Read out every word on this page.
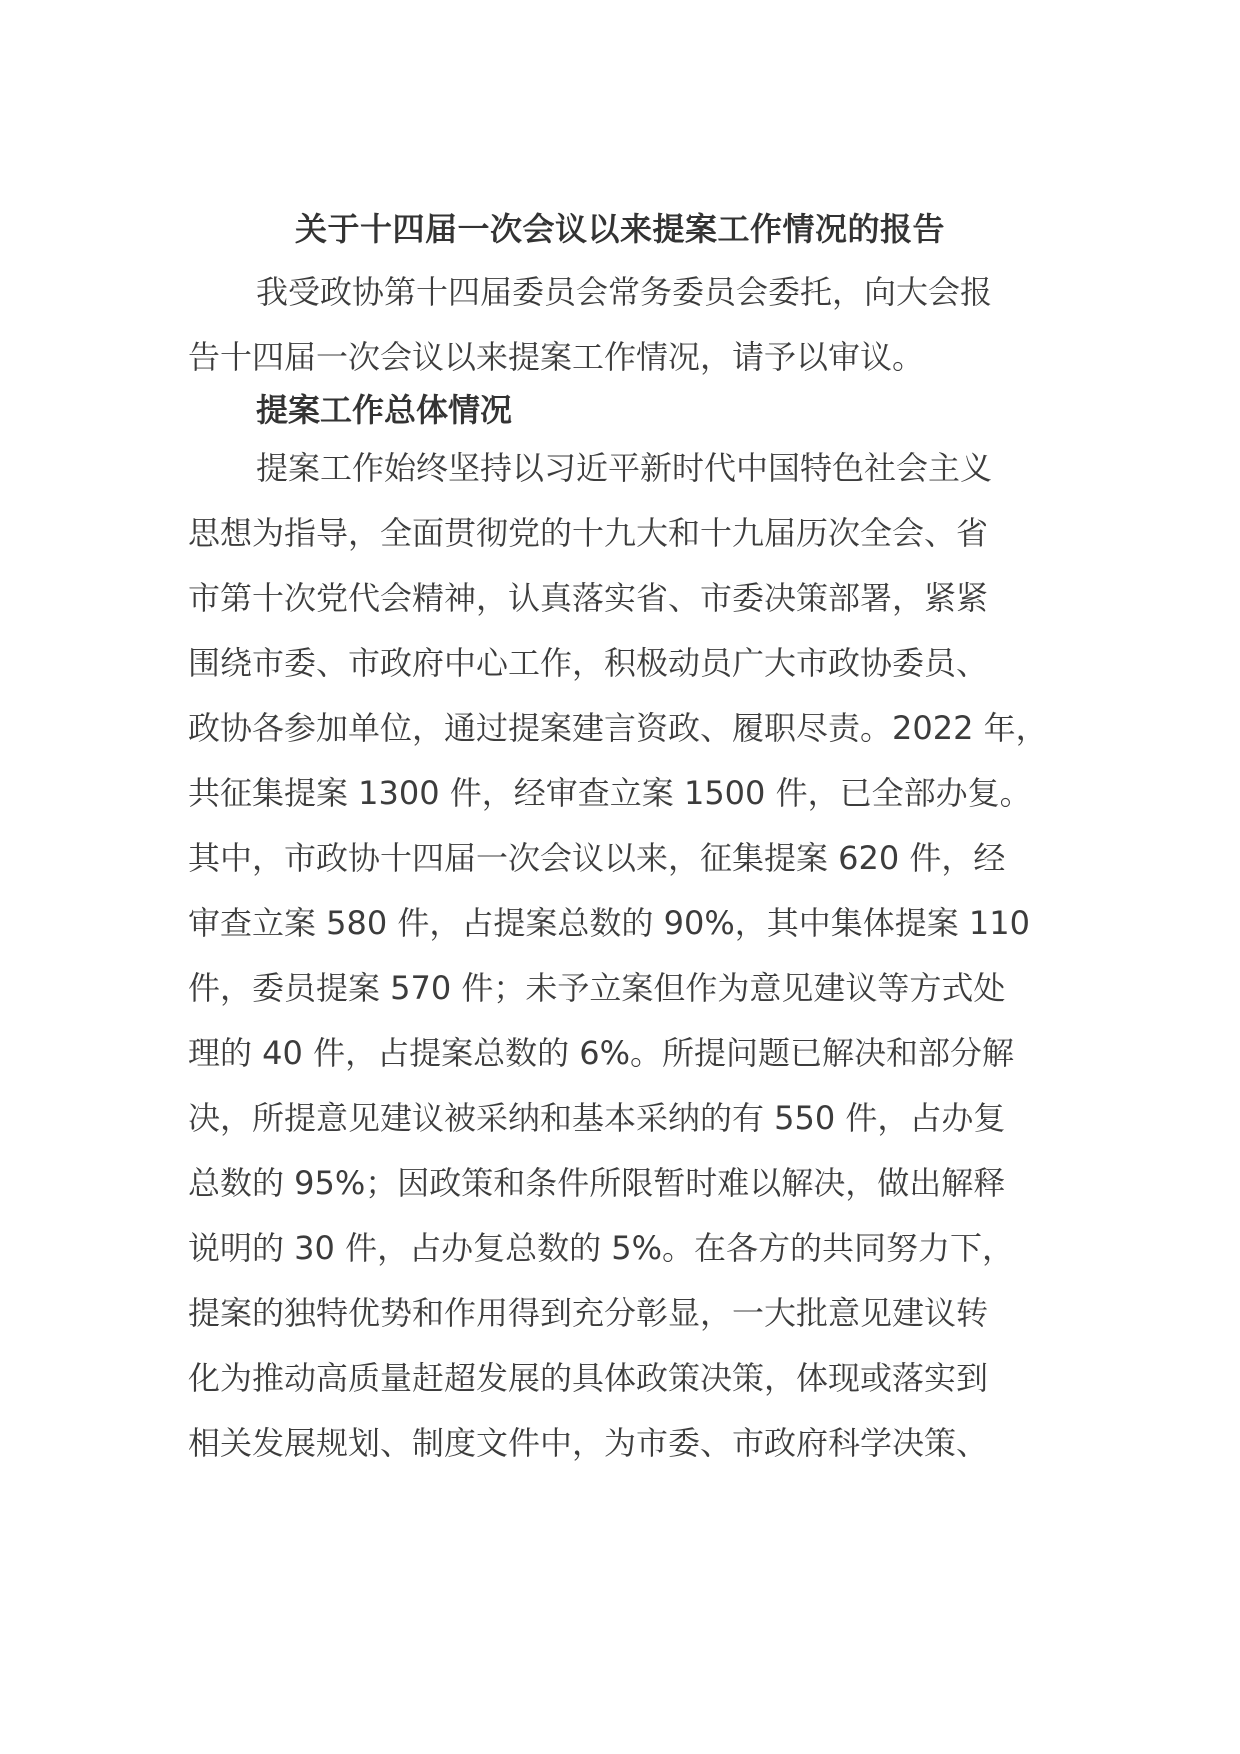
关于十四届一次会议以来提案工作情况的报告
我受政协第十四届委员会常务委员会委托，向大会报
告十四届一次会议以来提案工作情况，请予以审议。
提案工作总体情况
提案工作始终坚持以习近平新时代中国特色社会主义
思想为指导，全面贯彻党的十九大和十九届历次全会、省
市第十次党代会精神，认真落实省、市委决策部署，紧紧
围绕市委、市政府中心工作，积极动员广大市政协委员、
政协各参加单位，通过提案建言资政、履职尽责。2022 年，
共征集提案 1300 件，经审查立案 1500 件，已全部办复。
其中，市政协十四届一次会议以来，征集提案 620 件，经
审查立案 580 件，占提案总数的 90%，其中集体提案 110
件，委员提案 570 件；未予立案但作为意见建议等方式处
理的 40 件，占提案总数的 6%。所提问题已解决和部分解
决，所提意见建议被采纳和基本采纳的有 550 件，占办复
总数的 95%；因政策和条件所限暂时难以解决，做出解释
说明的 30 件，占办复总数的 5%。在各方的共同努力下，
提案的独特优势和作用得到充分彰显，一大批意见建议转
化为推动高质量赶超发展的具体政策决策，体现或落实到
相关发展规划、制度文件中，为市委、市政府科学决策、
